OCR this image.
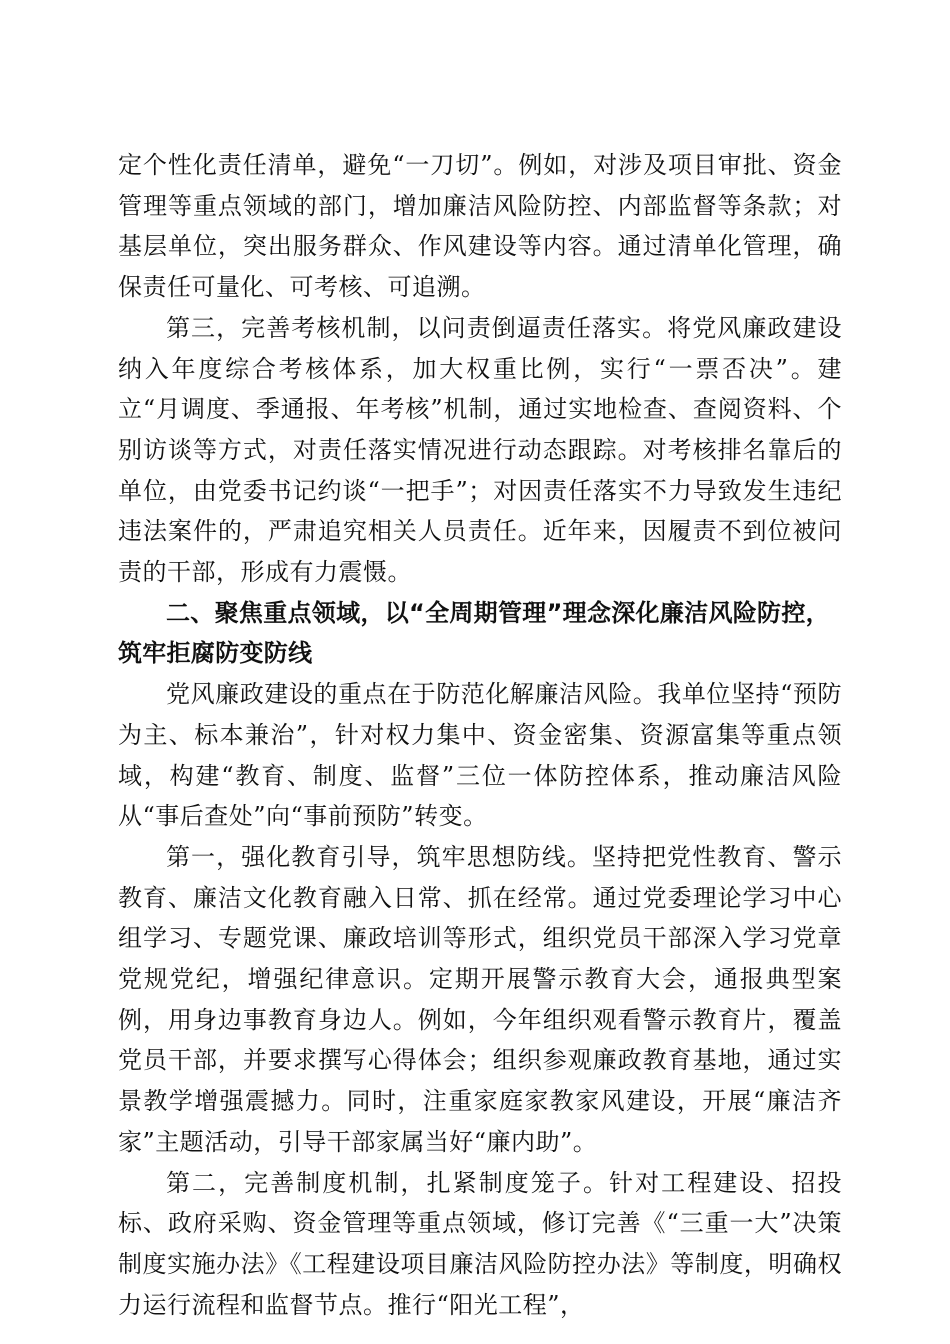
定个性化责任清单，避免“一刀切”。例如，对涉及项目审批、资金管理等重点领域的部门，增加廉洁风险防控、内部监督等条款；对基层单位，突出服务群众、作风建设等内容。通过清单化管理，确保责任可量化、可考核、可追溯。

第三，完善考核机制，以问责倒逼责任落实。将党风廉政建设纳入年度综合考核体系，加大权重比例，实行“一票否决”。建立“月调度、季通报、年考核”机制，通过实地检查、查阅资料、个别访谈等方式，对责任落实情况进行动态跟踪。对考核排名靠后的单位，由党委书记约谈“一把手”；对因责任落实不力导致发生违纪违法案件的，严肃追究相关人员责任。近年来，因履责不到位被问责的干部，形成有力震慑。

二、聚焦重点领域，以“全周期管理”理念深化廉洁风险防控，筑牢拒腐防变防线

党风廉政建设的重点在于防范化解廉洁风险。我单位坚持“预防为主、标本兼治”，针对权力集中、资金密集、资源富集等重点领域，构建“教育、制度、监督”三位一体防控体系，推动廉洁风险从“事后查处”向“事前预防”转变。

第一，强化教育引导，筑牢思想防线。坚持把党性教育、警示教育、廉洁文化教育融入日常、抓在经常。通过党委理论学习中心组学习、专题党课、廉政培训等形式，组织党员干部深入学习党章党规党纪，增强纪律意识。定期开展警示教育大会，通报典型案例，用身边事教育身边人。例如，今年组织观看警示教育片，覆盖党员干部，并要求撰写心得体会；组织参观廉政教育基地，通过实景教学增强震撼力。同时，注重家庭家教家风建设，开展“廉洁齐家”主题活动，引导干部家属当好“廉内助”。

第二，完善制度机制，扎紧制度笼子。针对工程建设、招投标、政府采购、资金管理等重点领域，修订完善《“三重一大”决策制度实施办法》《工程建设项目廉洁风险防控办法》等制度，明确权力运行流程和监督节点。推行“阳光工程”，
